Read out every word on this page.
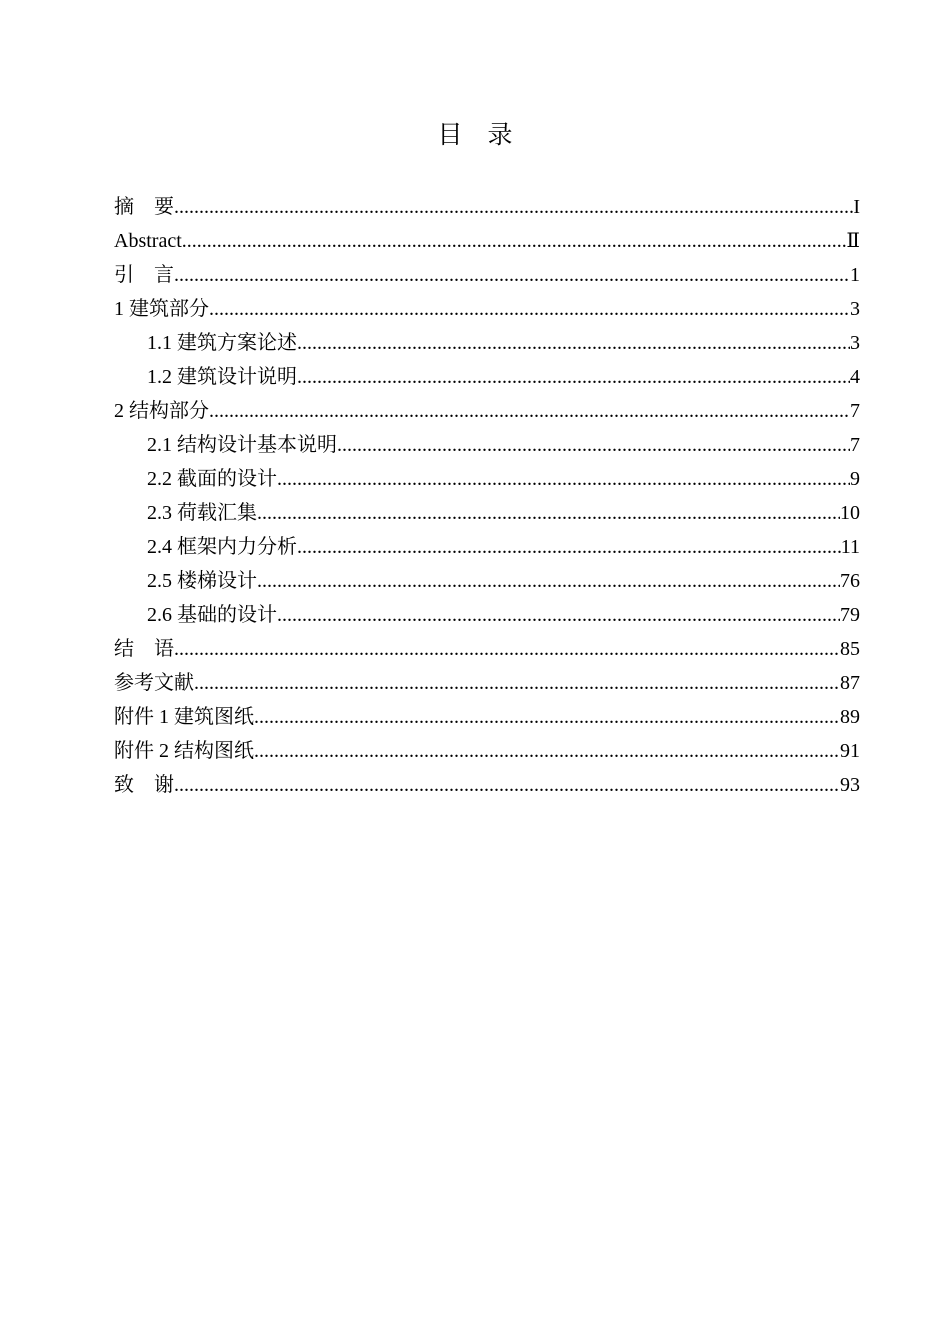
目　录
摘　要 .....	I
Abstract .....	Ⅱ
引　言 .....	1
1 建筑部分 .....	3
1.1 建筑方案论述 .....	3
1.2 建筑设计说明 .....	4
2 结构部分 .....	7
2.1 结构设计基本说明 .....	7
2.2 截面的设计 .....	9
2.3 荷载汇集 .....	10
2.4 框架内力分析 .....	11
2.5 楼梯设计 .....	76
2.6 基础的设计 .....	79
结　语 .....	85
参考文献 .....	87
附件 1 建筑图纸 .....	89
附件 2 结构图纸 .....	91
致　谢 .....	93
